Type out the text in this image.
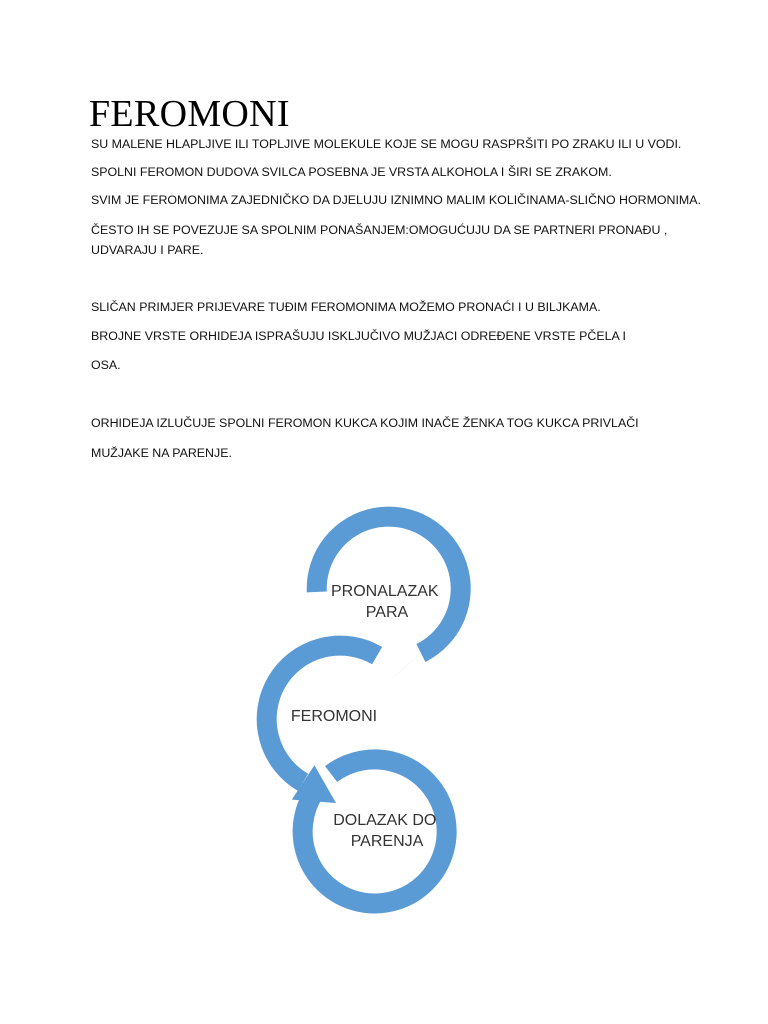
FEROMONI

SU MALENE HLAPLJIVE ILI TOPLJIVE MOLEKULE KOJE SE MOGU RASPRŠITI PO ZRAKU ILI U VODI.

SPOLNI FEROMON DUDOVA SVILCA POSEBNA JE VRSTA ALKOHOLA I ŠIRI SE ZRAKOM.

SVIM JE FEROMONIMA ZAJEDNIČKO DA DJELUJU IZNIMNO MALIM KOLIČINAMA-SLIČNO HORMONIMA.

ČESTO IH SE POVEZUJE SA SPOLNIM PONAŠANJEM:OMOGUĆUJU DA SE PARTNERI PRONAĐU ,

UDVARAJU I PARE.

SLIČAN PRIMJER PRIJEVARE TUĐIM FEROMONIMA MOŽEMO PRONAĆI I U BILJKAMA.

BROJNE VRSTE ORHIDEJA ISPRAŠUJU ISKLJUČIVO MUŽJACI ODREĐENE VRSTE PČELA I

OSA.

ORHIDEJA IZLUČUJE SPOLNI FEROMON KUKCA KOJIM INAČE ŽENKA TOG KUKCA PRIVLAČI

MUŽJAKE NA PARENJE.

PRONALAZAK PARA
FEROMONI
DOLAZAK DO PARENJA
